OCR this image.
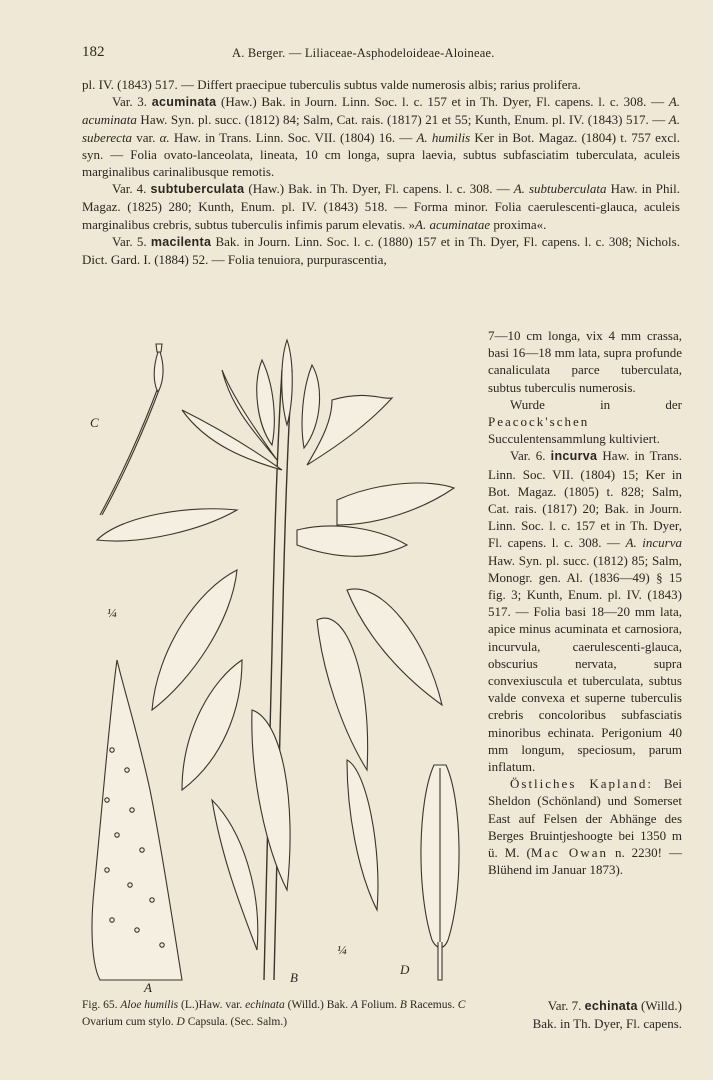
182	A. Berger. — Liliaceae-Asphodeloideae-Aloineae.

pl. IV. (1843) 517. — Differt praecipue tuberculis subtus valde numerosis albis; rarius prolifera.

Var. 3. acuminata (Haw.) Bak. in Journ. Linn. Soc. l. c. 157 et in Th. Dyer, Fl. capens. l. c. 308. — A. acuminata Haw. Syn. pl. succ. (1812) 84; Salm, Cat. rais. (1817) 21 et 55; Kunth, Enum. pl. IV. (1843) 517. — A. suberecta var. α. Haw. in Trans. Linn. Soc. VII. (1804) 16. — A. humilis Ker in Bot. Magaz. (1804) t. 757 excl. syn. — Folia ovato-lanceolata, lineata, 10 cm longa, supra laevia, subtus subfasciatim tuberculata, aculeis marginalibus carinalibusque remotis.

Var. 4. subtuberculata (Haw.) Bak. in Th. Dyer, Fl. capens. l. c. 308. — A. subtuberculata Haw. in Phil. Magaz. (1825) 280; Kunth, Enum. pl. IV. (1843) 518. — Forma minor. Folia caerulescenti-glauca, aculeis marginalibus crebris, subtus tuberculis infimis parum elevatis. »A. acuminatae proxima«.

Var. 5. macilenta Bak. in Journ. Linn. Soc. l. c. (1880) 157 et in Th. Dyer, Fl. capens. l. c. 308; Nichols. Dict. Gard. I. (1884) 52. — Folia tenuiora, purpurascentia,

C
¼
¼
A
B
D

7—10 cm longa, vix 4 mm crassa, basi 16—18 mm lata, supra profunde canaliculata parce tuberculata, subtus tuberculis numerosis.

Wurde in der Peacock'schen Succulentensammlung kultiviert.

Var. 6. incurva Haw. in Trans. Linn. Soc. VII. (1804) 15; Ker in Bot. Magaz. (1805) t. 828; Salm, Cat. rais. (1817) 20; Bak. in Journ. Linn. Soc. l. c. 157 et in Th. Dyer, Fl. capens. l. c. 308. — A. incurva Haw. Syn. pl. succ. (1812) 85; Salm, Monogr. gen. Al. (1836—49) § 15 fig. 3; Kunth, Enum. pl. IV. (1843) 517. — Folia basi 18—20 mm lata, apice minus acuminata et carnosiora, incurvula, caerulescenti-glauca, obscurius nervata, supra convexiuscula et tuberculata, subtus valde convexa et superne tuberculis crebris concoloribus subfasciatis minoribus echinata. Perigonium 40 mm longum, speciosum, parum inflatum.

Östliches Kapland: Bei Sheldon (Schönland) und Somerset East auf Felsen der Abhänge des Berges Bruintjeshoogte bei 1350 m ü. M. (Mac Owan n. 2230! — Blühend im Januar 1873).

Fig. 65. Aloe humilis (L.)Haw. var. echinata (Willd.) Bak. A Folium. B Racemus. C Ovarium cum stylo. D Capsula. (Sec. Salm.)
Var. 7. echinata (Willd.)
Bak. in Th. Dyer, Fl. capens.
